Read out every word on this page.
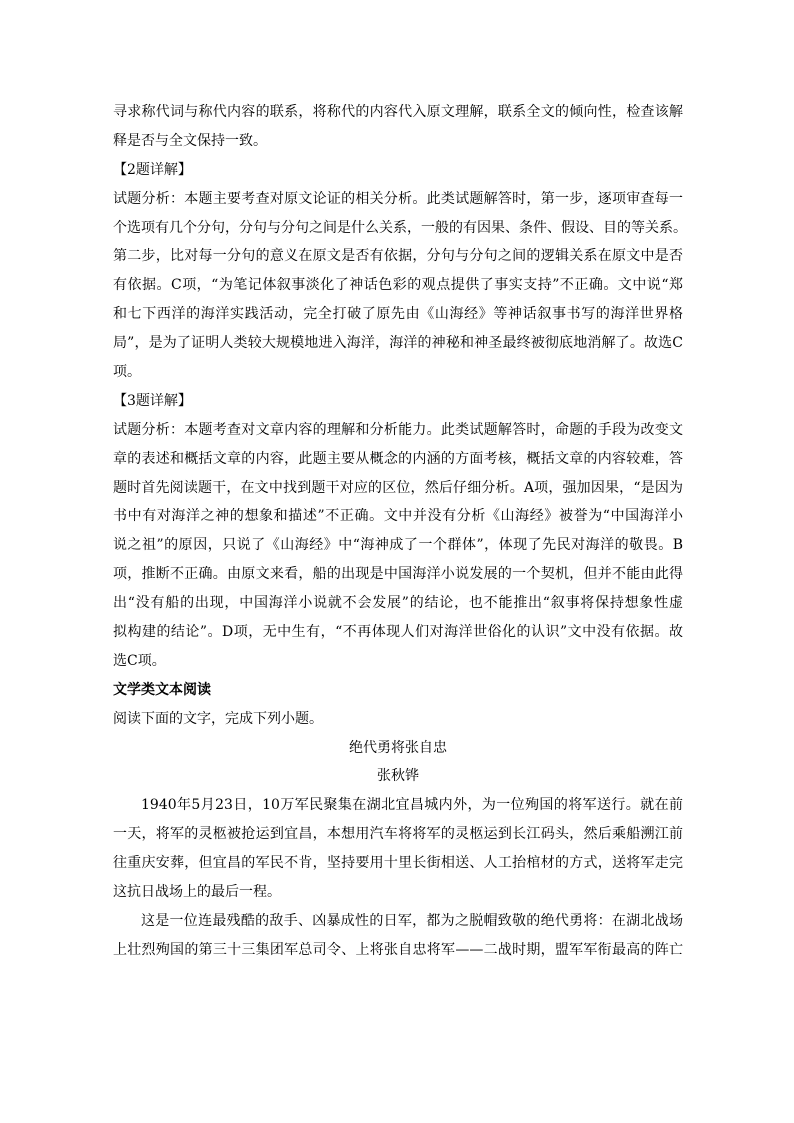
寻求称代词与称代内容的联系，将称代的内容代入原文理解，联系全文的倾向性，检查该解
释是否与全文保持一致。
【2题详解】
试题分析：本题主要考查对原文论证的相关分析。此类试题解答时，第一步，逐项审查每一
个选项有几个分句，分句与分句之间是什么关系，一般的有因果、条件、假设、目的等关系。
第二步，比对每一分句的意义在原文是否有依据，分句与分句之间的逻辑关系在原文中是否
有依据。C项，“为笔记体叙事淡化了神话色彩的观点提供了事实支持”不正确。文中说“郑
和七下西洋的海洋实践活动，完全打破了原先由《山海经》等神话叙事书写的海洋世界格
局”，是为了证明人类较大规模地进入海洋，海洋的神秘和神圣最终被彻底地消解了。故选C
项。
【3题详解】
试题分析：本题考查对文章内容的理解和分析能力。此类试题解答时，命题的手段为改变文
章的表述和概括文章的内容，此题主要从概念的内涵的方面考核，概括文章的内容较难，答
题时首先阅读题干，在文中找到题干对应的区位，然后仔细分析。A项，强加因果，“是因为
书中有对海洋之神的想象和描述”不正确。文中并没有分析《山海经》被誉为“中国海洋小
说之祖”的原因，只说了《山海经》中“海神成了一个群体”，体现了先民对海洋的敬畏。B
项，推断不正确。由原文来看，船的出现是中国海洋小说发展的一个契机，但并不能由此得
出“没有船的出现，中国海洋小说就不会发展”的结论，也不能推出“叙事将保持想象性虚
拟构建的结论”。D项，无中生有，“不再体现人们对海洋世俗化的认识”文中没有依据。故
选C项。
文学类文本阅读
阅读下面的文字，完成下列小题。
绝代勇将张自忠
张秋铧
1940年5月23日，10万军民聚集在湖北宜昌城内外，为一位殉国的将军送行。就在前
一天，将军的灵柩被抢运到宜昌，本想用汽车将将军的灵柩运到长江码头，然后乘船溯江前
往重庆安葬，但宜昌的军民不肯，坚持要用十里长街相送、人工抬棺材的方式，送将军走完
这抗日战场上的最后一程。
这是一位连最残酷的敌手、凶暴成性的日军，都为之脱帽致敬的绝代勇将：在湖北战场
上壮烈殉国的第三十三集团军总司令、上将张自忠将军——二战时期，盟军军衔最高的阵亡
